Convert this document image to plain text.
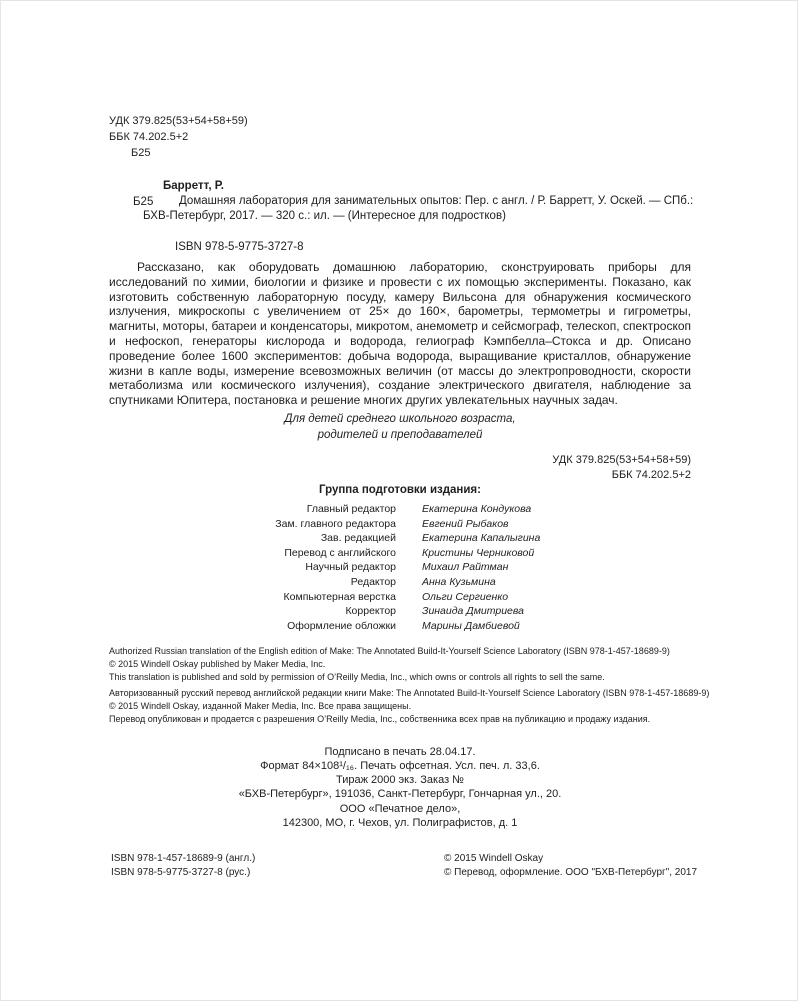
УДК 379.825(53+54+58+59)
ББК 74.202.5+2
Б25
Барретт, Р.
Б25 Домашняя лаборатория для занимательных опытов: Пер. с англ. / Р. Барретт, У. Оскей. — СПб.:
БХВ-Петербург, 2017. — 320 с.: ил. — (Интересное для подростков)
ISBN 978-5-9775-3727-8
Рассказано, как оборудовать домашнюю лабораторию, сконструировать приборы для исследований по химии, биологии и физике и провести с их помощью эксперименты. Показано, как изготовить собственную лабораторную посуду, камеру Вильсона для обнаружения космического излучения, микроскопы с увеличением от 25× до 160×, барометры, термометры и гигрометры, магниты, моторы, батареи и конденсаторы, микротом, анемометр и сейсмограф, телескоп, спектроскоп и нефоскоп, генераторы кислорода и водорода, гелиограф Кэмпбелла–Стокса и др. Описано проведение более 1600 экспериментов: добыча водорода, выращивание кристаллов, обнаружение жизни в капле воды, измерение всевозможных величин (от массы до электропроводности, скорости метаболизма или космического излучения), создание электрического двигателя, наблюдение за спутниками Юпитера, постановка и решение многих других увлекательных научных задач.
Для детей среднего школьного возраста,
родителей и преподавателей
УДК 379.825(53+54+58+59)
ББК 74.202.5+2
Группа подготовки издания:
Главный редактор Екатерина Кондукова
Зам. главного редактора Евгений Рыбаков
Зав. редакцией Екатерина Капалыгина
Перевод с английского Кристины Черниковой
Научный редактор Михаил Райтман
Редактор Анна Кузьмина
Компьютерная верстка Ольги Сергиенко
Корректор Зинаида Дмитриева
Оформление обложки Марины Дамбиевой
Authorized Russian translation of the English edition of Make: The Annotated Build-It-Yourself Science Laboratory (ISBN 978-1-457-18689-9)
© 2015 Windell Oskay published by Maker Media, Inc.
This translation is published and sold by permission of O’Reilly Media, Inc., which owns or controls all rights to sell the same.
Авторизованный русский перевод английской редакции книги Make: The Annotated Build-It-Yourself Science Laboratory (ISBN 978-1-457-18689-9)
© 2015 Windell Oskay, изданной Maker Media, Inc. Все права защищены.
Перевод опубликован и продается с разрешения O’Reilly Media, Inc., собственника всех прав на публикацию и продажу издания.
Подписано в печать 28.04.17.
Формат 84×108¹/₁₆. Печать офсетная. Усл. печ. л. 33,6.
Тираж 2000 экз. Заказ №
«БХВ-Петербург», 191036, Санкт-Петербург, Гончарная ул., 20.
ООО «Печатное дело»,
142300, МО, г. Чехов, ул. Полиграфистов, д. 1
ISBN 978-1-457-18689-9 (англ.)
ISBN 978-5-9775-3727-8 (рус.)
© 2015 Windell Oskay
© Перевод, оформление. ООО "БХВ-Петербург", 2017
